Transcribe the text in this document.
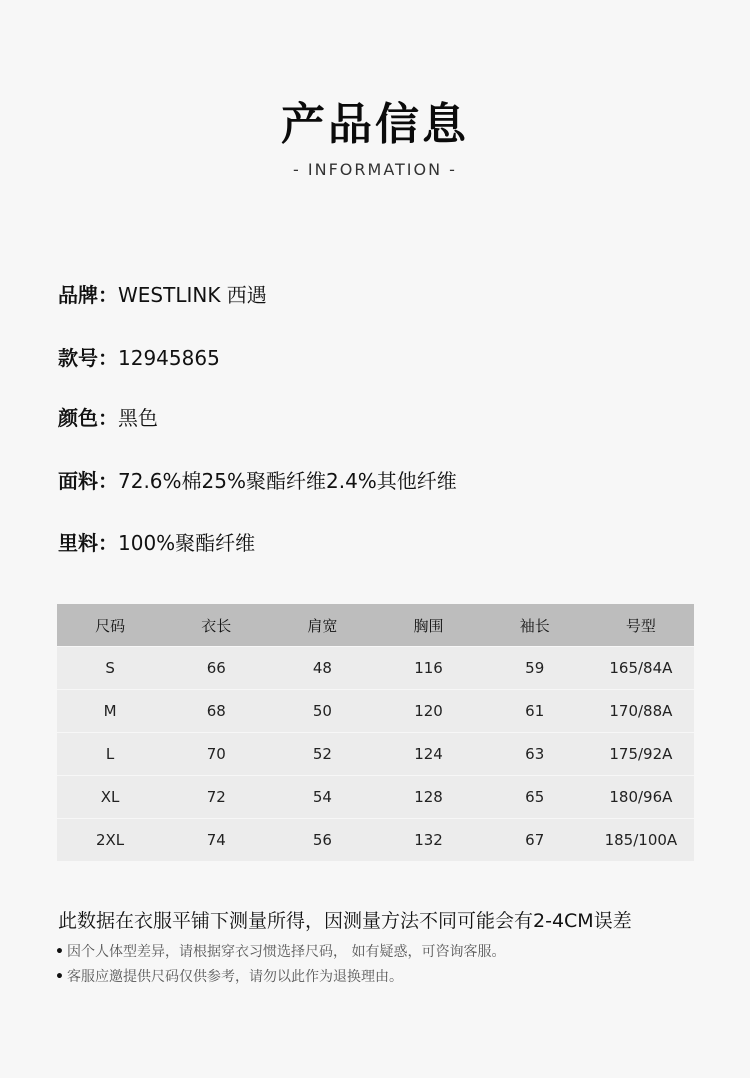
产品信息
- INFORMATION -
品牌：WESTLINK 西遇
款号：12945865
颜色：黑色
面料：72.6%棉25%聚酯纤维2.4%其他纤维
里料：100%聚酯纤维
尺码	衣长	肩宽	胸围	袖长	号型
S	66	48	116	59	165/84A
M	68	50	120	61	170/88A
L	70	52	124	63	175/92A
XL	72	54	128	65	180/96A
2XL	74	56	132	67	185/100A
此数据在衣服平铺下测量所得，因测量方法不同可能会有2-4CM误差
• 因个人体型差异，请根据穿衣习惯选择尺码， 如有疑惑，可咨询客服。
• 客服应邀提供尺码仅供参考，请勿以此作为退换理由。
